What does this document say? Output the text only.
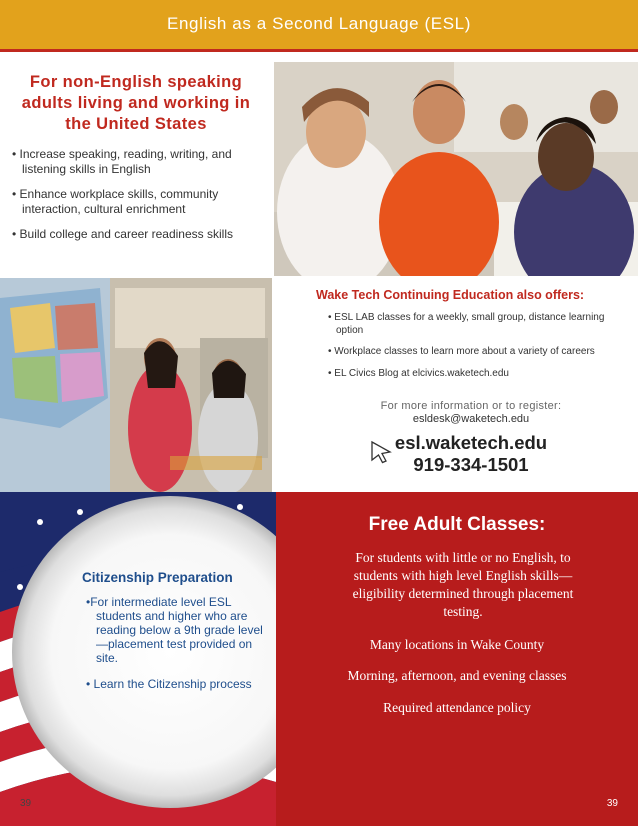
English as a Second Language (ESL)
For non-English speaking adults living and working in the United States
• Increase speaking, reading, writing, and listening skills in English
• Enhance workplace skills, community interaction, cultural enrichment
• Build college and career readiness skills
Wake Tech Continuing Education also offers:
• ESL LAB classes for a weekly, small group, distance learning option
• Workplace classes to learn more about a variety of careers
• EL Civics Blog at elcivics.waketech.edu
For more information or to register:
esldesk@waketech.edu
esl.waketech.edu
919-334-1501
Citizenship Preparation
•For intermediate level ESL students and higher who are reading below a 9th grade level—placement test provided on site.
• Learn the Citizenship process
Free Adult Classes:
For students with little or no English, to students with high level English skills—eligibility determined through placement testing.
Many locations in Wake County
Morning, afternoon, and evening classes
Required attendance policy
39	39
